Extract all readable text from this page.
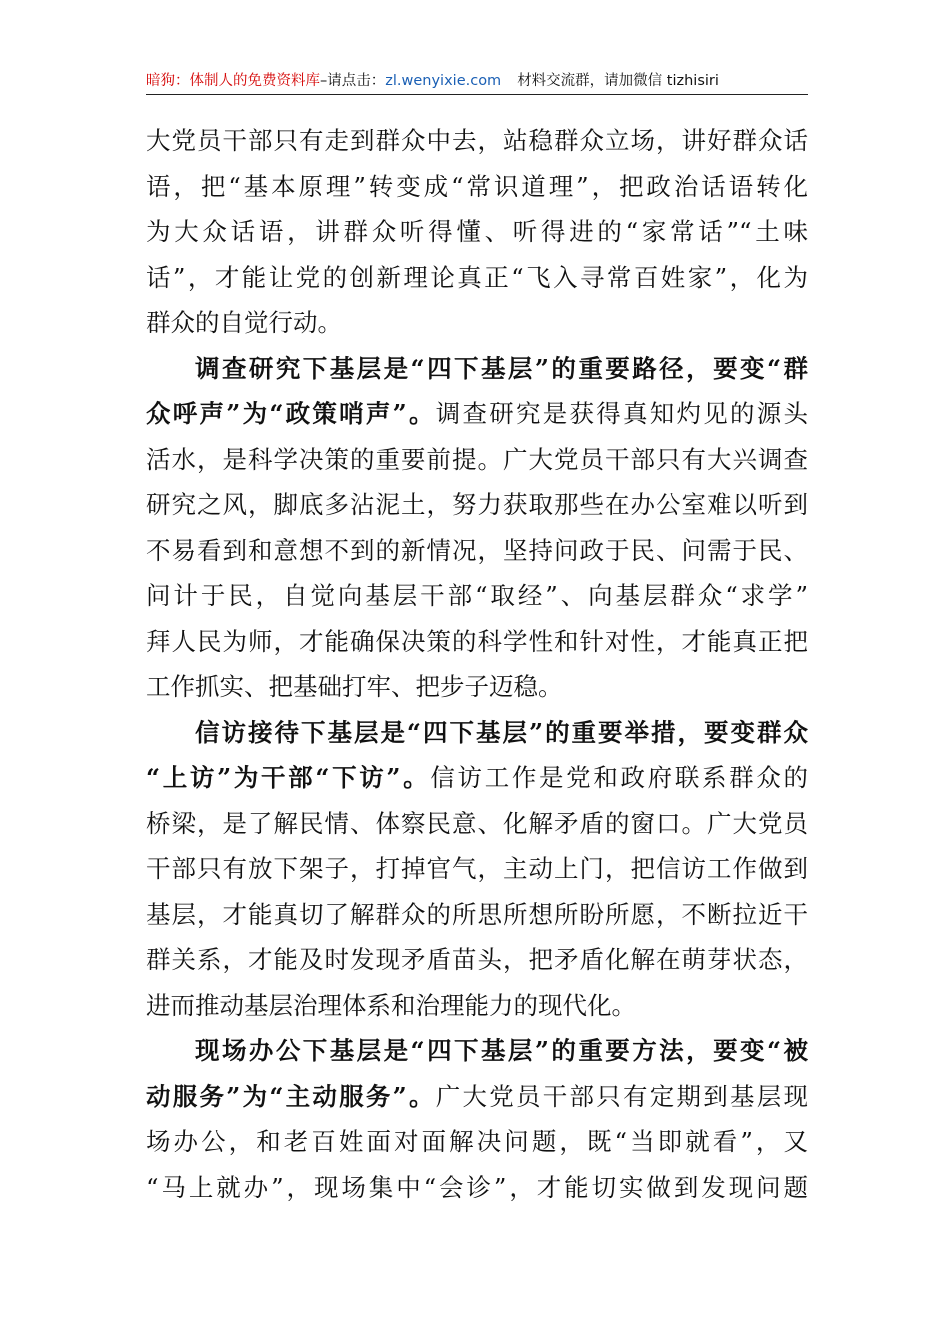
暗狗：体制人的免费资料库–请点击：zl.wenyixie.com 材料交流群，请加微信 tizhisiri
大党员干部只有走到群众中去，站稳群众立场，讲好群众话
语，把“基本原理”转变成“常识道理”，把政治话语转化
为大众话语，讲群众听得懂、听得进的“家常话”“土味
话”，才能让党的创新理论真正“飞入寻常百姓家”，化为
群众的自觉行动。
调查研究下基层是“四下基层”的重要路径，要变“群
众呼声”为“政策哨声”。调查研究是获得真知灼见的源头
活水，是科学决策的重要前提。广大党员干部只有大兴调查
研究之风，脚底多沾泥土，努力获取那些在办公室难以听到
不易看到和意想不到的新情况，坚持问政于民、问需于民、
问计于民，自觉向基层干部“取经”、向基层群众“求学”
拜人民为师，才能确保决策的科学性和针对性，才能真正把
工作抓实、把基础打牢、把步子迈稳。
信访接待下基层是“四下基层”的重要举措，要变群众
“上访”为干部“下访”。信访工作是党和政府联系群众的
桥梁，是了解民情、体察民意、化解矛盾的窗口。广大党员
干部只有放下架子，打掉官气，主动上门，把信访工作做到
基层，才能真切了解群众的所思所想所盼所愿，不断拉近干
群关系，才能及时发现矛盾苗头，把矛盾化解在萌芽状态，
进而推动基层治理体系和治理能力的现代化。
现场办公下基层是“四下基层”的重要方法，要变“被
动服务”为“主动服务”。广大党员干部只有定期到基层现
场办公，和老百姓面对面解决问题，既“当即就看”，又
“马上就办”，现场集中“会诊”，才能切实做到发现问题
